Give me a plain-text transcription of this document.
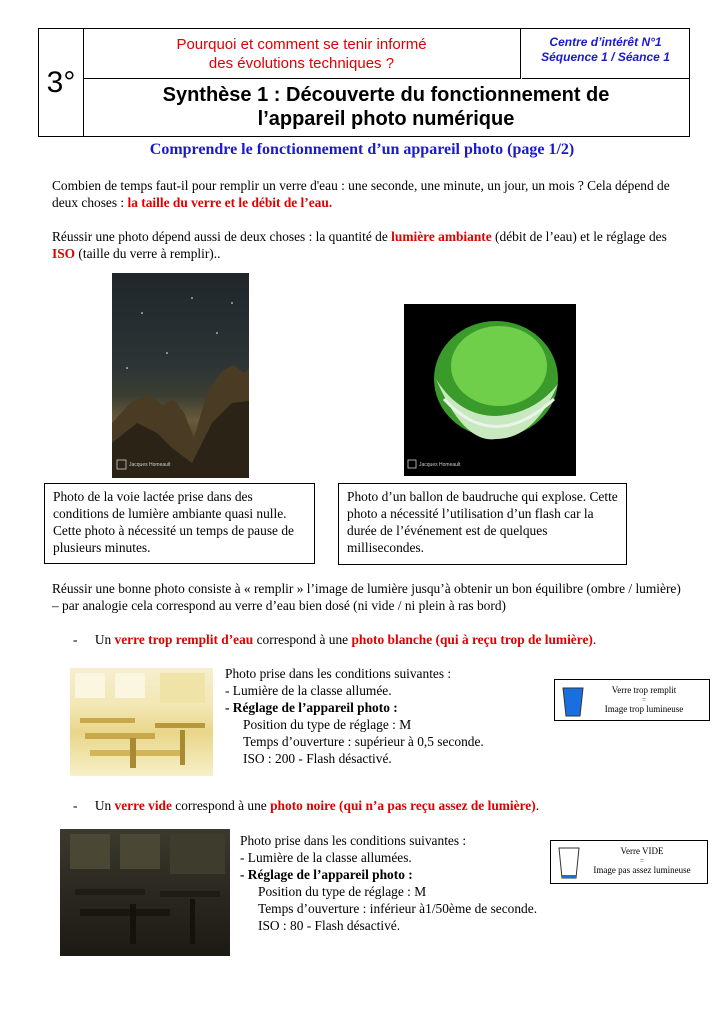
3°
Pourquoi et comment se tenir informé
des évolutions techniques ?
Centre d’intérêt N°1
Séquence 1 / Séance 1
Synthèse 1 : Découverte du fonctionnement de
l’appareil photo numérique
Comprendre le fonctionnement d’un appareil photo (page 1/2)
Combien de temps faut-il pour remplir un verre d'eau : une seconde, une minute, un jour, un mois ? Cela dépend de deux choses : la taille du verre et le débit de l’eau.
Réussir une photo dépend aussi de deux choses : la quantité de lumière ambiante (débit de l’eau) et le réglage des ISO (taille du verre à remplir)..
Jacques Homeault	Jacques Homeault
Photo de la voie lactée prise dans des conditions de lumière ambiante quasi nulle. Cette photo à nécessité un temps de pause de plusieurs minutes.
Photo d’un ballon de baudruche qui explose. Cette photo a nécessité l’utilisation d’un flash car la durée de l’événement est de quelques millisecondes.
Réussir une bonne photo consiste à « remplir » l’image de lumière jusqu’à obtenir un bon équilibre (ombre / lumière) – par analogie cela correspond au verre d’eau bien dosé (ni vide / ni plein à ras bord)
- Un verre trop remplit d’eau correspond à une photo blanche (qui à reçu trop de lumière).
Photo prise dans les conditions suivantes :
- Lumière de la classe allumée.
- Réglage de l’appareil photo :
Position du type de réglage : M
Temps d’ouverture : supérieur à 0,5 seconde.
ISO : 200 - Flash désactivé.
Verre trop remplit
=
Image trop lumineuse
- Un verre vide correspond à une photo noire (qui n’a pas reçu assez de lumière).
Photo prise dans les conditions suivantes :
- Lumière de la classe allumées.
- Réglage de l’appareil photo :
Position du type de réglage : M
Temps d’ouverture : inférieur à1/50ème de seconde.
ISO : 80 - Flash désactivé.
Verre VIDE
=
Image pas assez lumineuse
